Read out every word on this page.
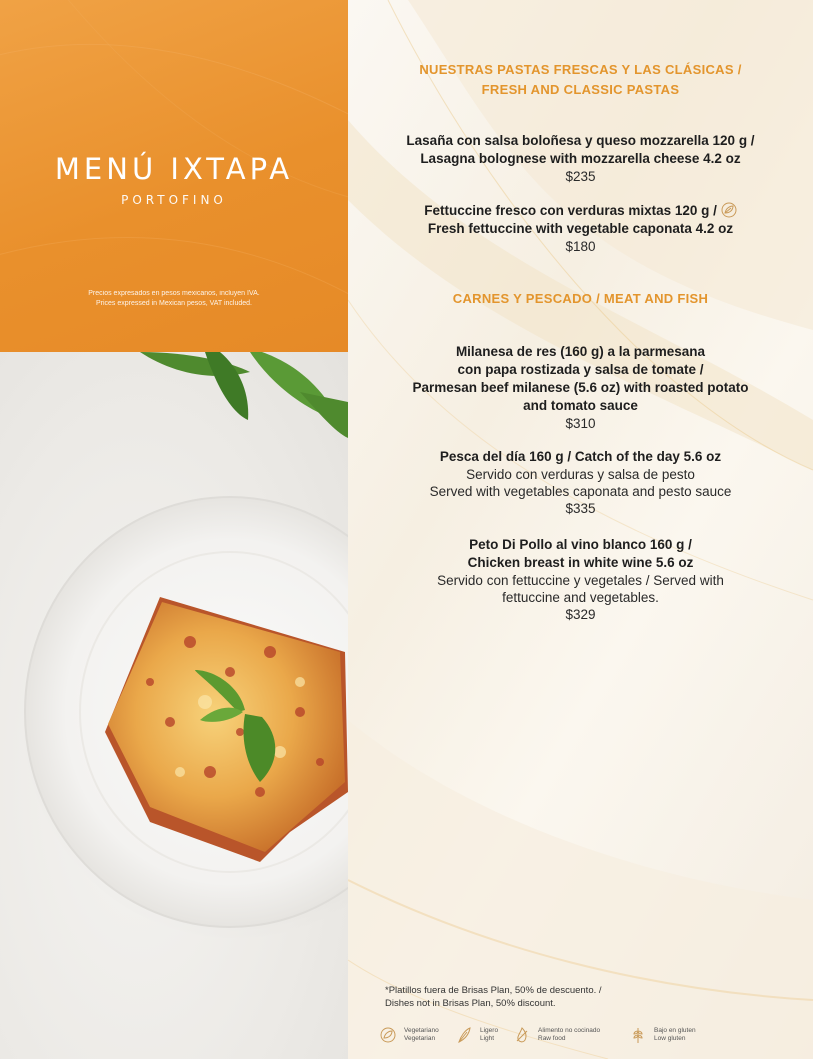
MENÚ IXTAPA
PORTOFINO
Precios expresados en pesos mexicanos, incluyen IVA.
Prices expressed in Mexican pesos, VAT included.
NUESTRAS PASTAS FRESCAS Y LAS CLÁSICAS /
FRESH AND CLASSIC PASTAS
Lasaña con salsa boloñesa y queso mozzarella 120 g /
Lasagna bolognese with mozzarella cheese 4.2 oz
$235
Fettuccine fresco con verduras mixtas 120 g /
Fresh fettuccine with vegetable caponata 4.2 oz
$180
CARNES Y PESCADO / MEAT AND FISH
Milanesa de res (160 g) a la parmesana
con papa rostizada y salsa de tomate /
Parmesan beef milanese (5.6 oz) with roasted potato
and tomato sauce
$310
Pesca del día 160 g / Catch of the day 5.6 oz
Servido con verduras y salsa de pesto
Served with vegetables caponata and pesto sauce
$335
Peto Di Pollo al vino blanco 160 g /
Chicken breast in white wine 5.6 oz
Servido con fettuccine y vegetales / Served with
fettuccine and vegetables.
$329
*Platillos fuera de Brisas Plan, 50% de descuento. /
Dishes not in Brisas Plan, 50% discount.
Vegetariano
Vegetarian
Ligero
Light
Alimento no cocinado
Raw food
Bajo en gluten
Low gluten
